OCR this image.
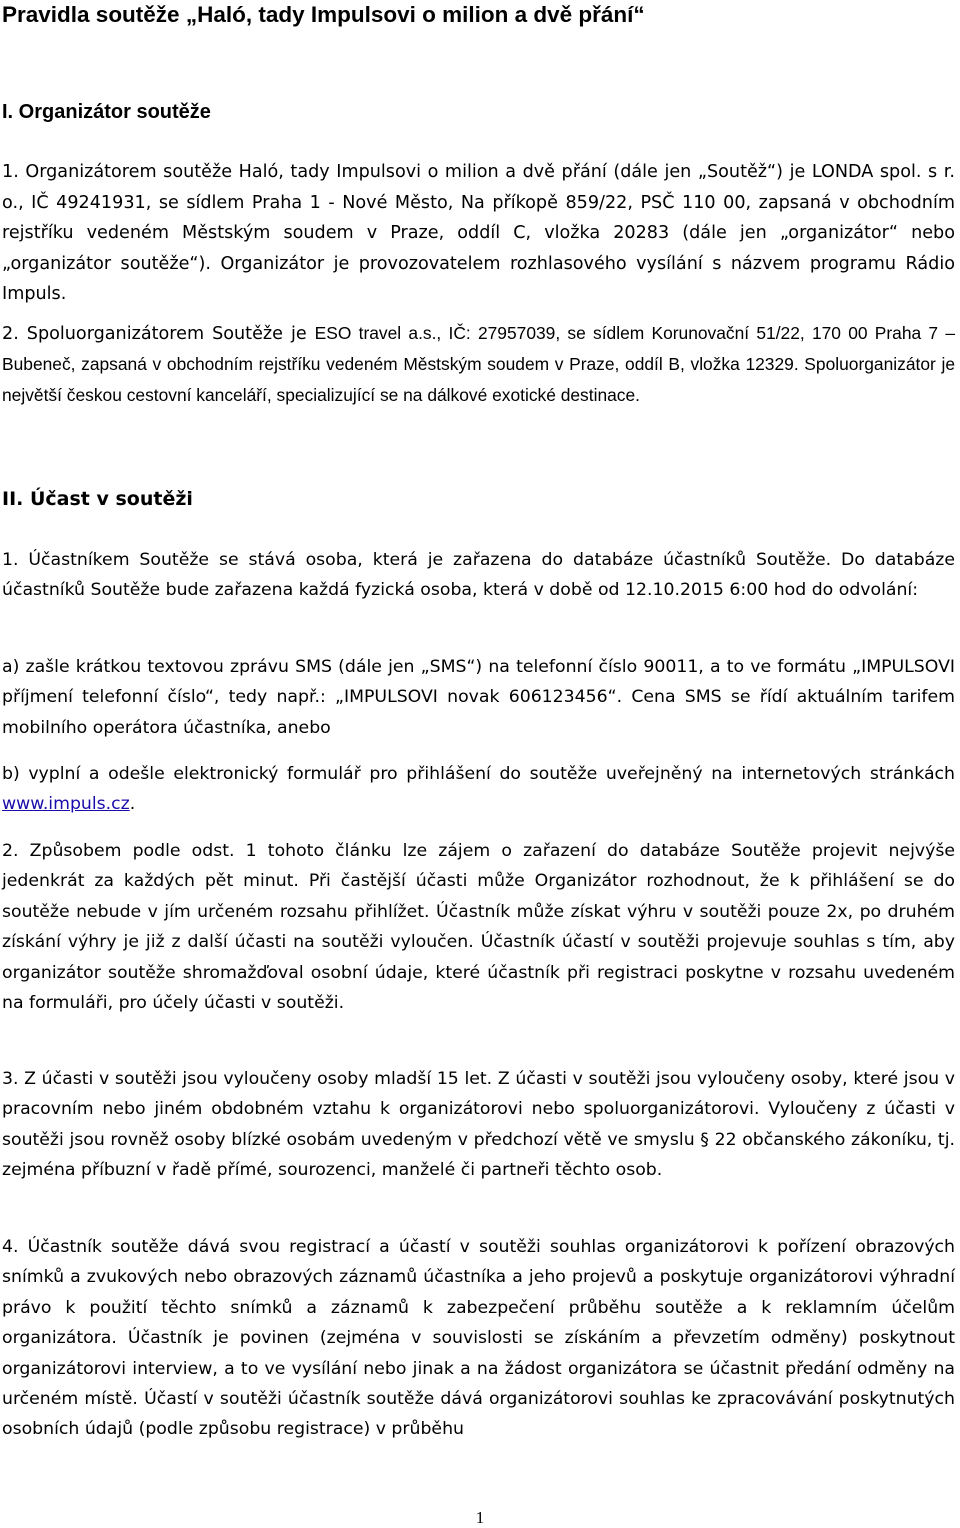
Pravidla soutěže „Haló, tady Impulsovi o milion a dvě přání“
I. Organizátor soutěže

1. Organizátorem soutěže Haló, tady Impulsovi o milion a dvě přání (dále jen „Soutěž“) je LONDA spol. s r. o., IČ 49241931, se sídlem Praha 1 - Nové Město, Na příkopě 859/22, PSČ 110 00, zapsaná v obchodním rejstříku vedeném Městským soudem v Praze, oddíl C, vložka 20283 (dále jen „organizátor“ nebo „organizátor soutěže“). Organizátor je provozovatelem rozhlasového vysílání s názvem programu Rádio Impuls.

2. Spoluorganizátorem Soutěže je ESO travel a.s., IČ: 27957039, se sídlem Korunovační 51/22, 170 00 Praha 7 – Bubeneč, zapsaná v obchodním rejstříku vedeném Městským soudem v Praze, oddíl B, vložka 12329. Spoluorganizátor je největší českou cestovní kanceláří, specializující se na dálkové exotické destinace.

II. Účast v soutěži

1. Účastníkem Soutěže se stává osoba, která je zařazena do databáze účastníků Soutěže. Do databáze účastníků Soutěže bude zařazena každá fyzická osoba, která v době od 12.10.2015 6:00 hod do odvolání:

a) zašle krátkou textovou zprávu SMS (dále jen „SMS“) na telefonní číslo 90011, a to ve formátu „IMPULSOVI příjmení telefonní číslo“, tedy např.: „IMPULSOVI novak 606123456“. Cena SMS se řídí aktuálním tarifem mobilního operátora účastníka, anebo

b) vyplní a odešle elektronický formulář pro přihlášení do soutěže uveřejněný na internetových stránkách www.impuls.cz.

2. Způsobem podle odst. 1 tohoto článku lze zájem o zařazení do databáze Soutěže projevit nejvýše jedenkrát za každých pět minut. Při častější účasti může Organizátor rozhodnout, že k přihlášení se do soutěže nebude v jím určeném rozsahu přihlížet. Účastník může získat výhru v soutěži pouze 2x, po druhém získání výhry je již z další účasti na soutěži vyloučen. Účastník účastí v soutěži projevuje souhlas s tím, aby organizátor soutěže shromažďoval osobní údaje, které účastník při registraci poskytne v rozsahu uvedeném na formuláři, pro účely účasti v soutěži.

3. Z účasti v soutěži jsou vyloučeny osoby mladší 15 let. Z účasti v soutěži jsou vyloučeny osoby, které jsou v pracovním nebo jiném obdobném vztahu k organizátorovi nebo spoluorganizátorovi. Vyloučeny z účasti v soutěži jsou rovněž osoby blízké osobám uvedeným v předchozí větě ve smyslu § 22 občanského zákoníku, tj. zejména příbuzní v řadě přímé, sourozenci, manželé či partneři těchto osob.

4. Účastník soutěže dává svou registrací a účastí v soutěži souhlas organizátorovi k pořízení obrazových snímků a zvukových nebo obrazových záznamů účastníka a jeho projevů a poskytuje organizátorovi výhradní právo k použití těchto snímků a záznamů k zabezpečení průběhu soutěže a k reklamním účelům organizátora. Účastník je povinen (zejména v souvislosti se získáním a převzetím odměny) poskytnout organizátorovi interview, a to ve vysílání nebo jinak a na žádost organizátora se účastnit předání odměny na určeném místě. Účastí v soutěži účastník soutěže dává organizátorovi souhlas ke zpracovávání poskytnutých osobních údajů (podle způsobu registrace) v průběhu

1
